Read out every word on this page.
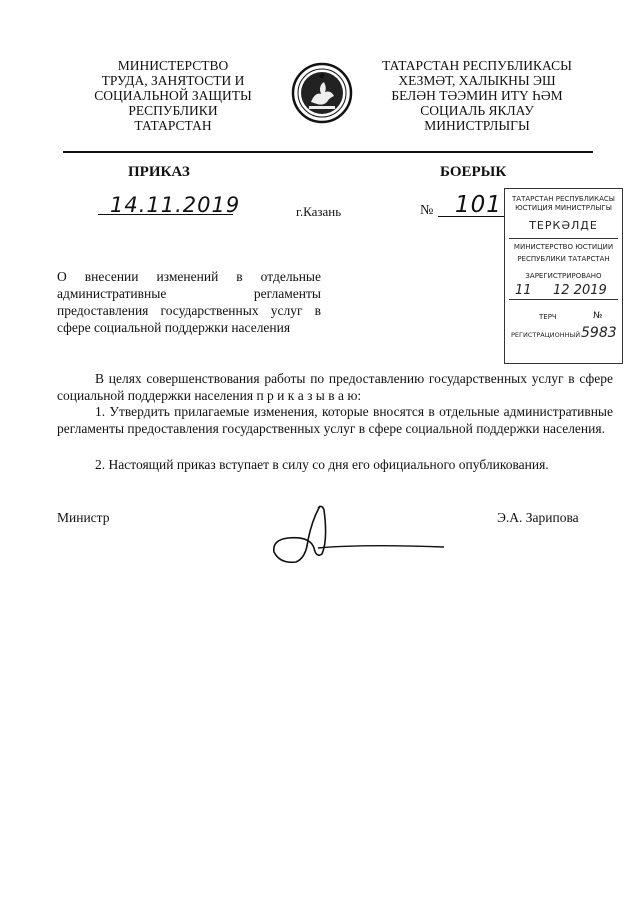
МИНИСТЕРСТВО
ТРУДА, ЗАНЯТОСТИ И
СОЦИАЛЬНОЙ ЗАЩИТЫ
РЕСПУБЛИКИ
ТАТАРСТАН
ТАТАРСТАН РЕСПУБЛИКАСЫ
ХЕЗМӘТ, ХАЛЫКНЫ ЭШ
БЕЛӘН ТӘЭМИН ИТҮ ҺӘМ
СОЦИАЛЬ ЯКЛАУ
МИНИСТРЛЫГЫ
ПРИКАЗ	БОЕРЫК
14.11.2019	г.Казань	№ 101	ТАТАРСТАН РЕСПУБЛИКАСЫ
ЮСТИЦИЯ МИНИСТРЛЫГЫ
ТЕРКӘЛДЕ
МИНИСТЕРСТВО ЮСТИЦИИ
РЕСПУБЛИКИ ТАТАРСТАН
ЗАРЕГИСТРИРОВАНО
11 12 2019
ТЕРЧ	№
РЕГИСТРАЦИОННЫЙ 5983
О внесении изменений в отдельные административные регламенты предоставления государственных услуг в сфере социальной поддержки населения
В целях совершенствования работы по предоставлению государственных услуг в сфере социальной поддержки населения п р и к а з ы в а ю:
1. Утвердить прилагаемые изменения, которые вносятся в отдельные административные регламенты предоставления государственных услуг в сфере социальной поддержки населения.
2. Настоящий приказ вступает в силу со дня его официального опубликования.
Министр	Э.А. Зарипова
